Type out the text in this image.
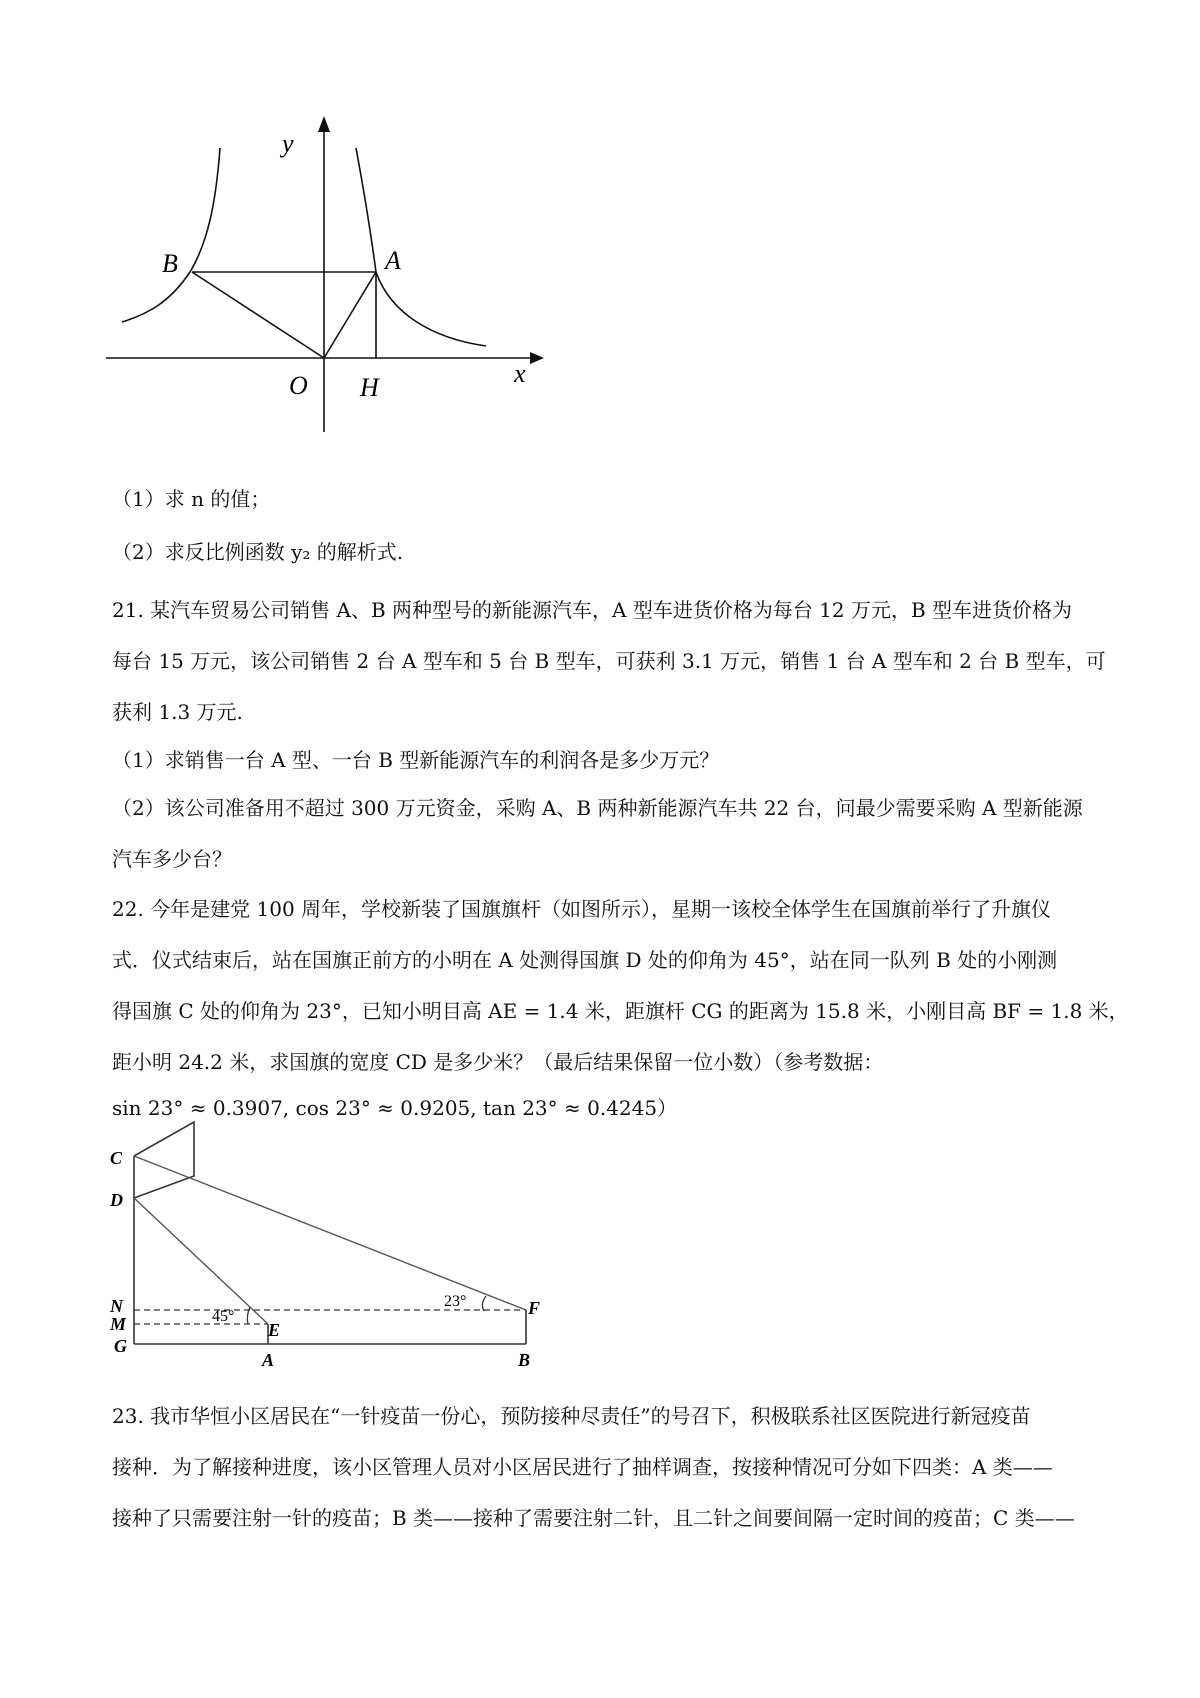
y
x
B	A
O H
（1）求 n 的值；
（2）求反比例函数 y₂ 的解析式.
21. 某汽车贸易公司销售 A、B 两种型号的新能源汽车，A 型车进货价格为每台 12 万元，B 型车进货价格为
每台 15 万元，该公司销售 2 台 A 型车和 5 台 B 型车，可获利 3.1 万元，销售 1 台 A 型车和 2 台 B 型车，可
获利 1.3 万元.
（1）求销售一台 A 型、一台 B 型新能源汽车的利润各是多少万元？
（2）该公司准备用不超过 300 万元资金，采购 A、B 两种新能源汽车共 22 台，问最少需要采购 A 型新能源
汽车多少台？
22. 今年是建党 100 周年，学校新装了国旗旗杆（如图所示），星期一该校全体学生在国旗前举行了升旗仪
式．仪式结束后，站在国旗正前方的小明在 A 处测得国旗 D 处的仰角为 45°，站在同一队列 B 处的小刚测
得国旗 C 处的仰角为 23°，已知小明目高 AE = 1.4 米，距旗杆 CG 的距离为 15.8 米，小刚目高 BF = 1.8 米，
距小明 24.2 米，求国旗的宽度 CD 是多少米？（最后结果保留一位小数）（参考数据：
sin 23° ≈ 0.3907, cos 23° ≈ 0.9205, tan 23° ≈ 0.4245）
C
D
N
M
G
E
A	B
F
45°
23°
23. 我市华恒小区居民在“一针疫苗一份心，预防接种尽责任”的号召下，积极联系社区医院进行新冠疫苗
接种．为了解接种进度，该小区管理人员对小区居民进行了抽样调查，按接种情况可分如下四类：A 类——
接种了只需要注射一针的疫苗；B 类——接种了需要注射二针，且二针之间要间隔一定时间的疫苗；C 类——
